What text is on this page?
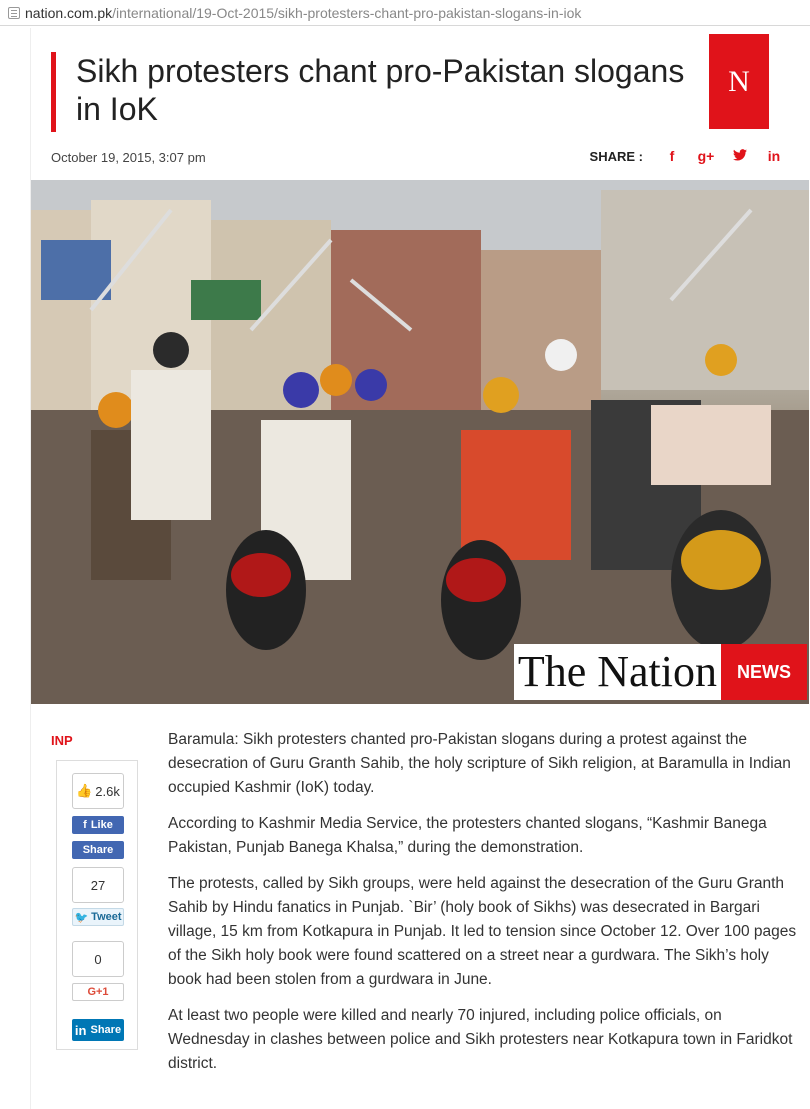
nation.com.pk/international/19-Oct-2015/sikh-protesters-chant-pro-pakistan-slogans-in-iok
Sikh protesters chant pro-Pakistan slogans in IoK
N
October 19, 2015, 3:07 pm	SHARE :	f	g+	in
The Nation	NEWS
INP
👍 2.6k
f Like
Share
27
🐦 Tweet
0
G+1
in Share

Baramula: Sikh protesters chanted pro-Pakistan slogans during a protest against the desecration of Guru Granth Sahib, the holy scripture of Sikh religion, at Baramulla in Indian occupied Kashmir (IoK) today.

According to Kashmir Media Service, the protesters chanted slogans, “Kashmir Banega Pakistan, Punjab Banega Khalsa,” during the demonstration.

The protests, called by Sikh groups, were held against the desecration of the Guru Granth Sahib by Hindu fanatics in Punjab. `Bir’ (holy book of Sikhs) was desecrated in Bargari village, 15 km from Kotkapura in Punjab. It led to tension since October 12. Over 100 pages of the Sikh holy book were found scattered on a street near a gurdwara. The Sikh’s holy book had been stolen from a gurdwara in June.

At least two people were killed and nearly 70 injured, including police officials, on Wednesday in clashes between police and Sikh protesters near Kotkapura town in Faridkot district.
